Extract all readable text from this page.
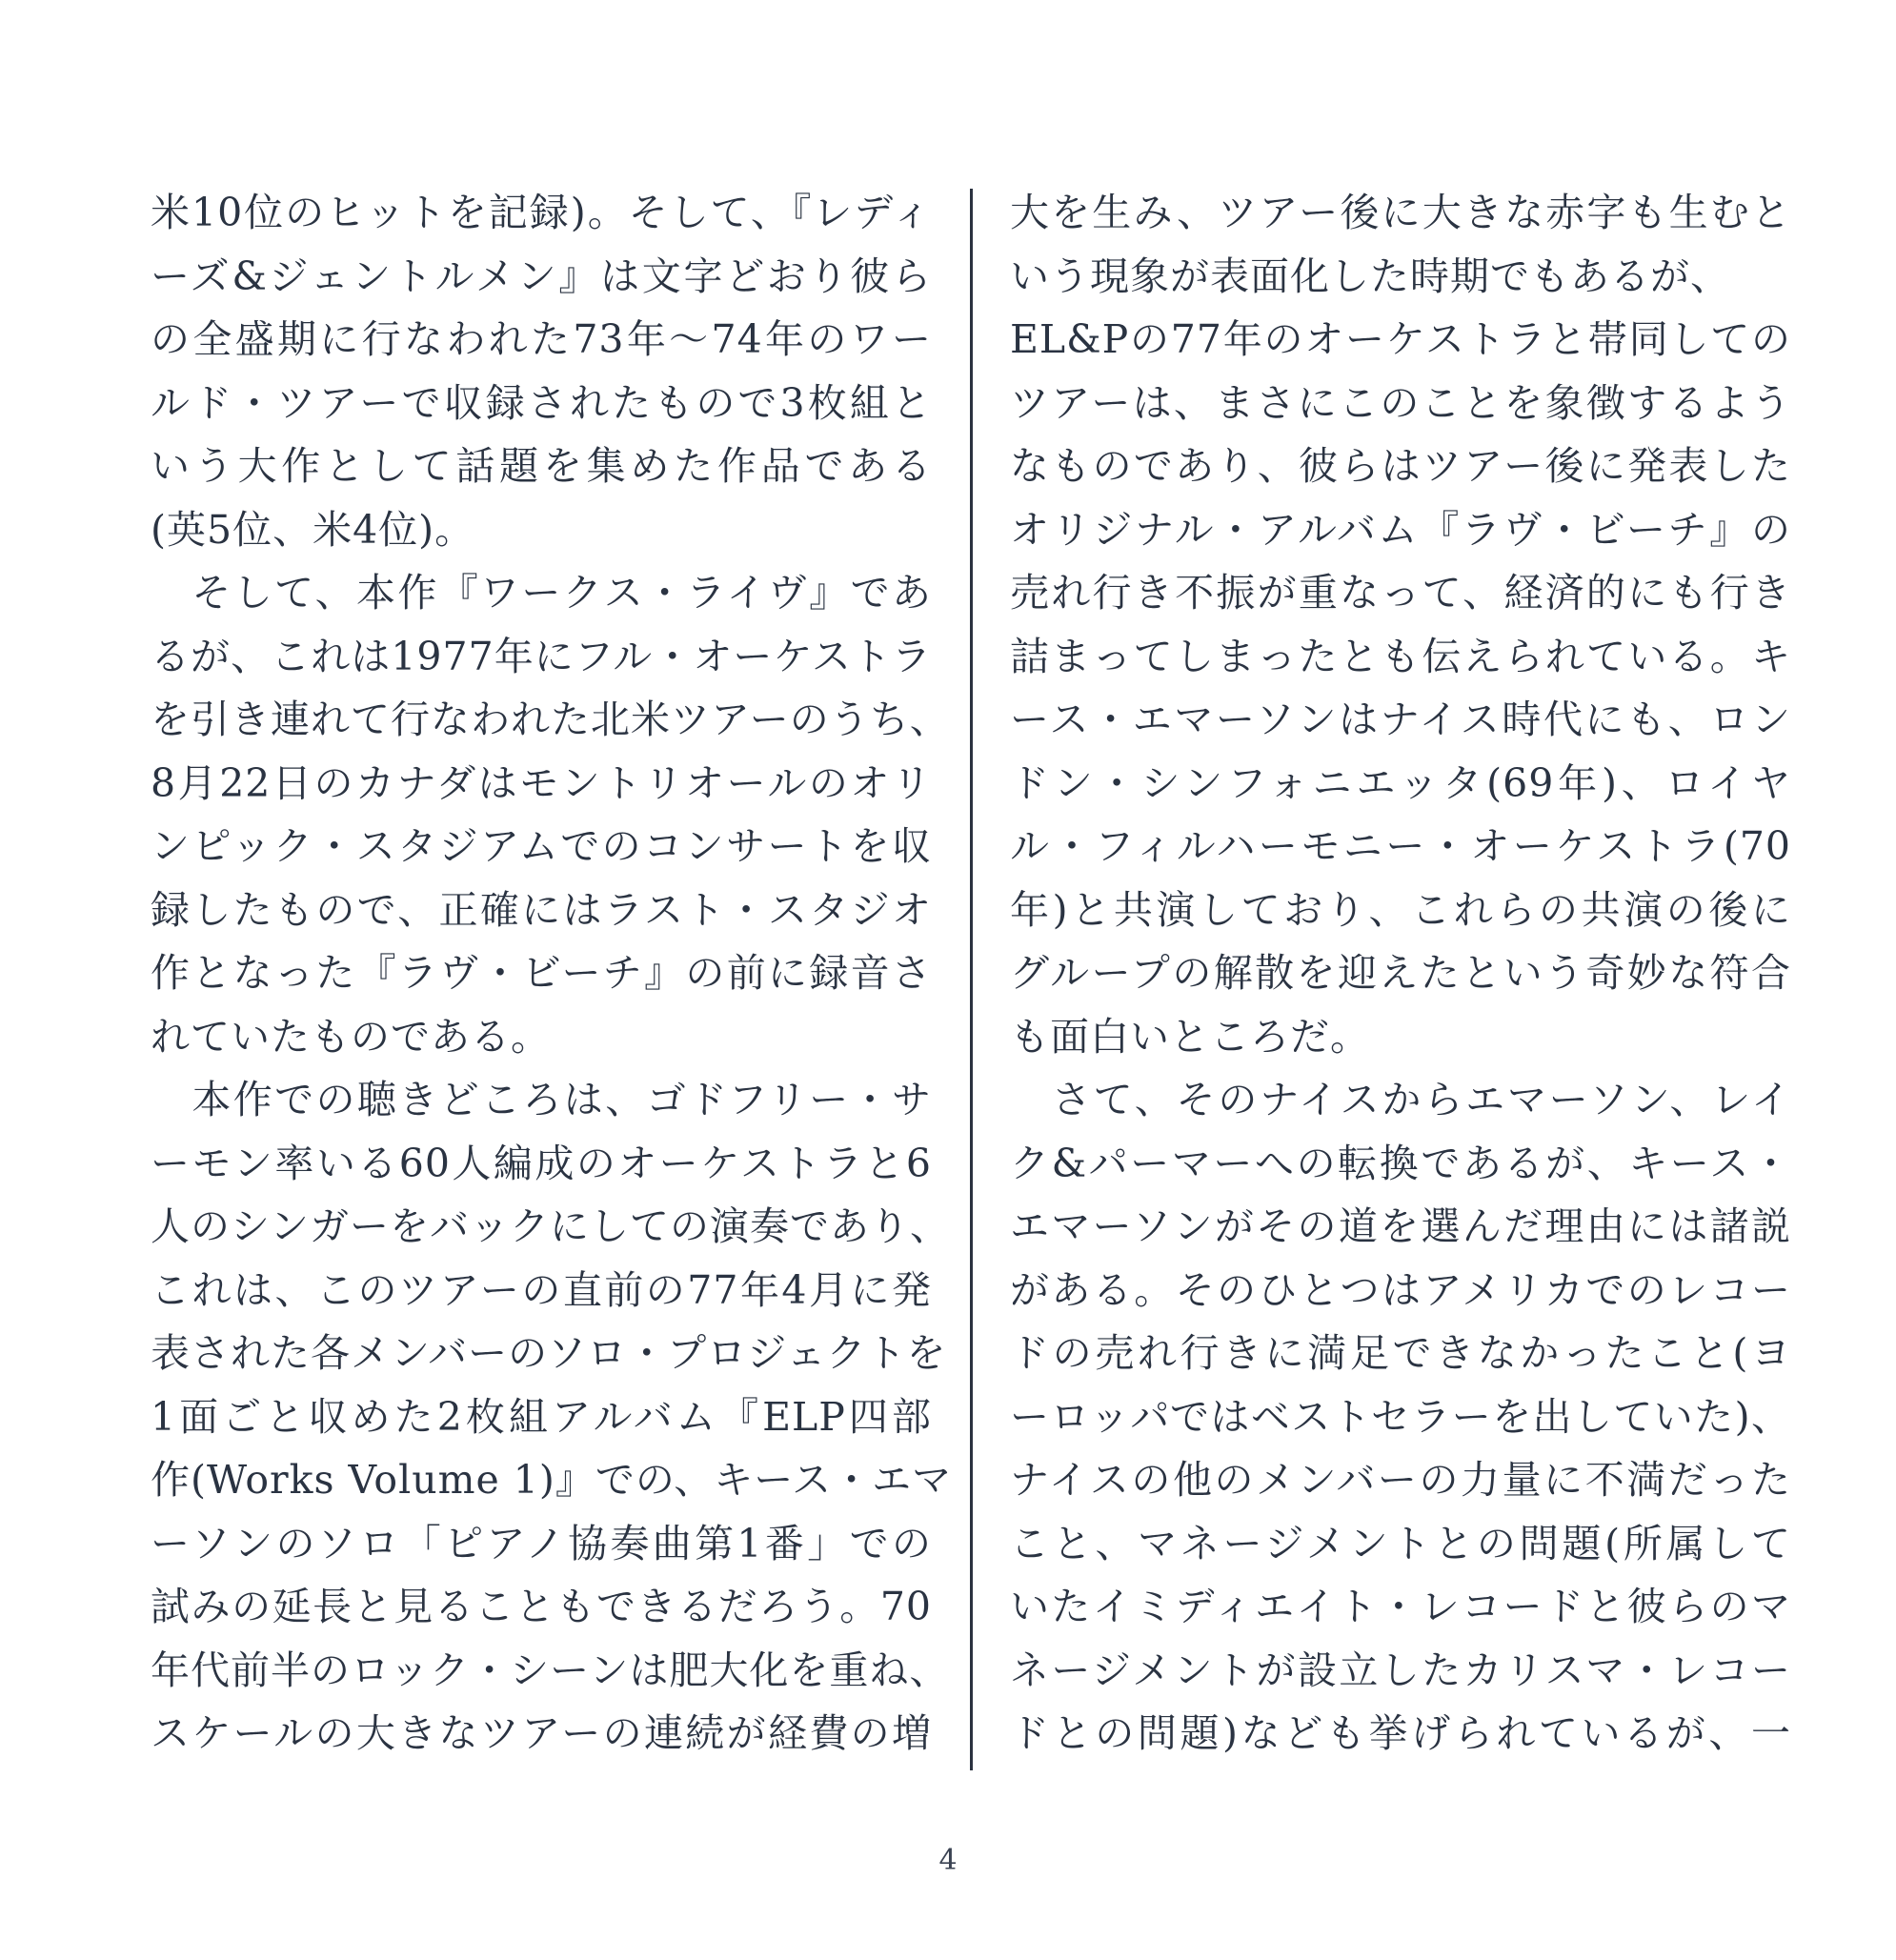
米10位のヒットを記録)。そして、『レディ
ーズ&ジェントルメン』は文字どおり彼ら
の全盛期に行なわれた73年〜74年のワー
ルド・ツアーで収録されたもので3枚組と
いう大作として話題を集めた作品である
(英5位、米4位)。
　そして、本作『ワークス・ライヴ』であ
るが、これは1977年にフル・オーケストラ
を引き連れて行なわれた北米ツアーのうち、
8月22日のカナダはモントリオールのオリ
ンピック・スタジアムでのコンサートを収
録したもので、正確にはラスト・スタジオ
作となった『ラヴ・ビーチ』の前に録音さ
れていたものである。
　本作での聴きどころは、ゴドフリー・サ
ーモン率いる60人編成のオーケストラと6
人のシンガーをバックにしての演奏であり、
これは、このツアーの直前の77年4月に発
表された各メンバーのソロ・プロジェクトを
1面ごと収めた2枚組アルバム『ELP四部
作(Works Volume 1)』での、キース・エマ
ーソンのソロ「ピアノ協奏曲第1番」での
試みの延長と見ることもできるだろう。70
年代前半のロック・シーンは肥大化を重ね、
スケールの大きなツアーの連続が経費の増
大を生み、ツアー後に大きな赤字も生むと
いう現象が表面化した時期でもあるが、
EL&Pの77年のオーケストラと帯同しての
ツアーは、まさにこのことを象徴するよう
なものであり、彼らはツアー後に発表した
オリジナル・アルバム『ラヴ・ビーチ』の
売れ行き不振が重なって、経済的にも行き
詰まってしまったとも伝えられている。キ
ース・エマーソンはナイス時代にも、ロン
ドン・シンフォニエッタ(69年)、ロイヤ
ル・フィルハーモニー・オーケストラ(70
年)と共演しており、これらの共演の後に
グループの解散を迎えたという奇妙な符合
も面白いところだ。
　さて、そのナイスからエマーソン、レイ
ク&パーマーへの転換であるが、キース・
エマーソンがその道を選んだ理由には諸説
がある。そのひとつはアメリカでのレコー
ドの売れ行きに満足できなかったこと(ヨ
ーロッパではベストセラーを出していた)、
ナイスの他のメンバーの力量に不満だった
こと、マネージメントとの問題(所属して
いたイミディエイト・レコードと彼らのマ
ネージメントが設立したカリスマ・レコー
ドとの問題)なども挙げられているが、一
4
